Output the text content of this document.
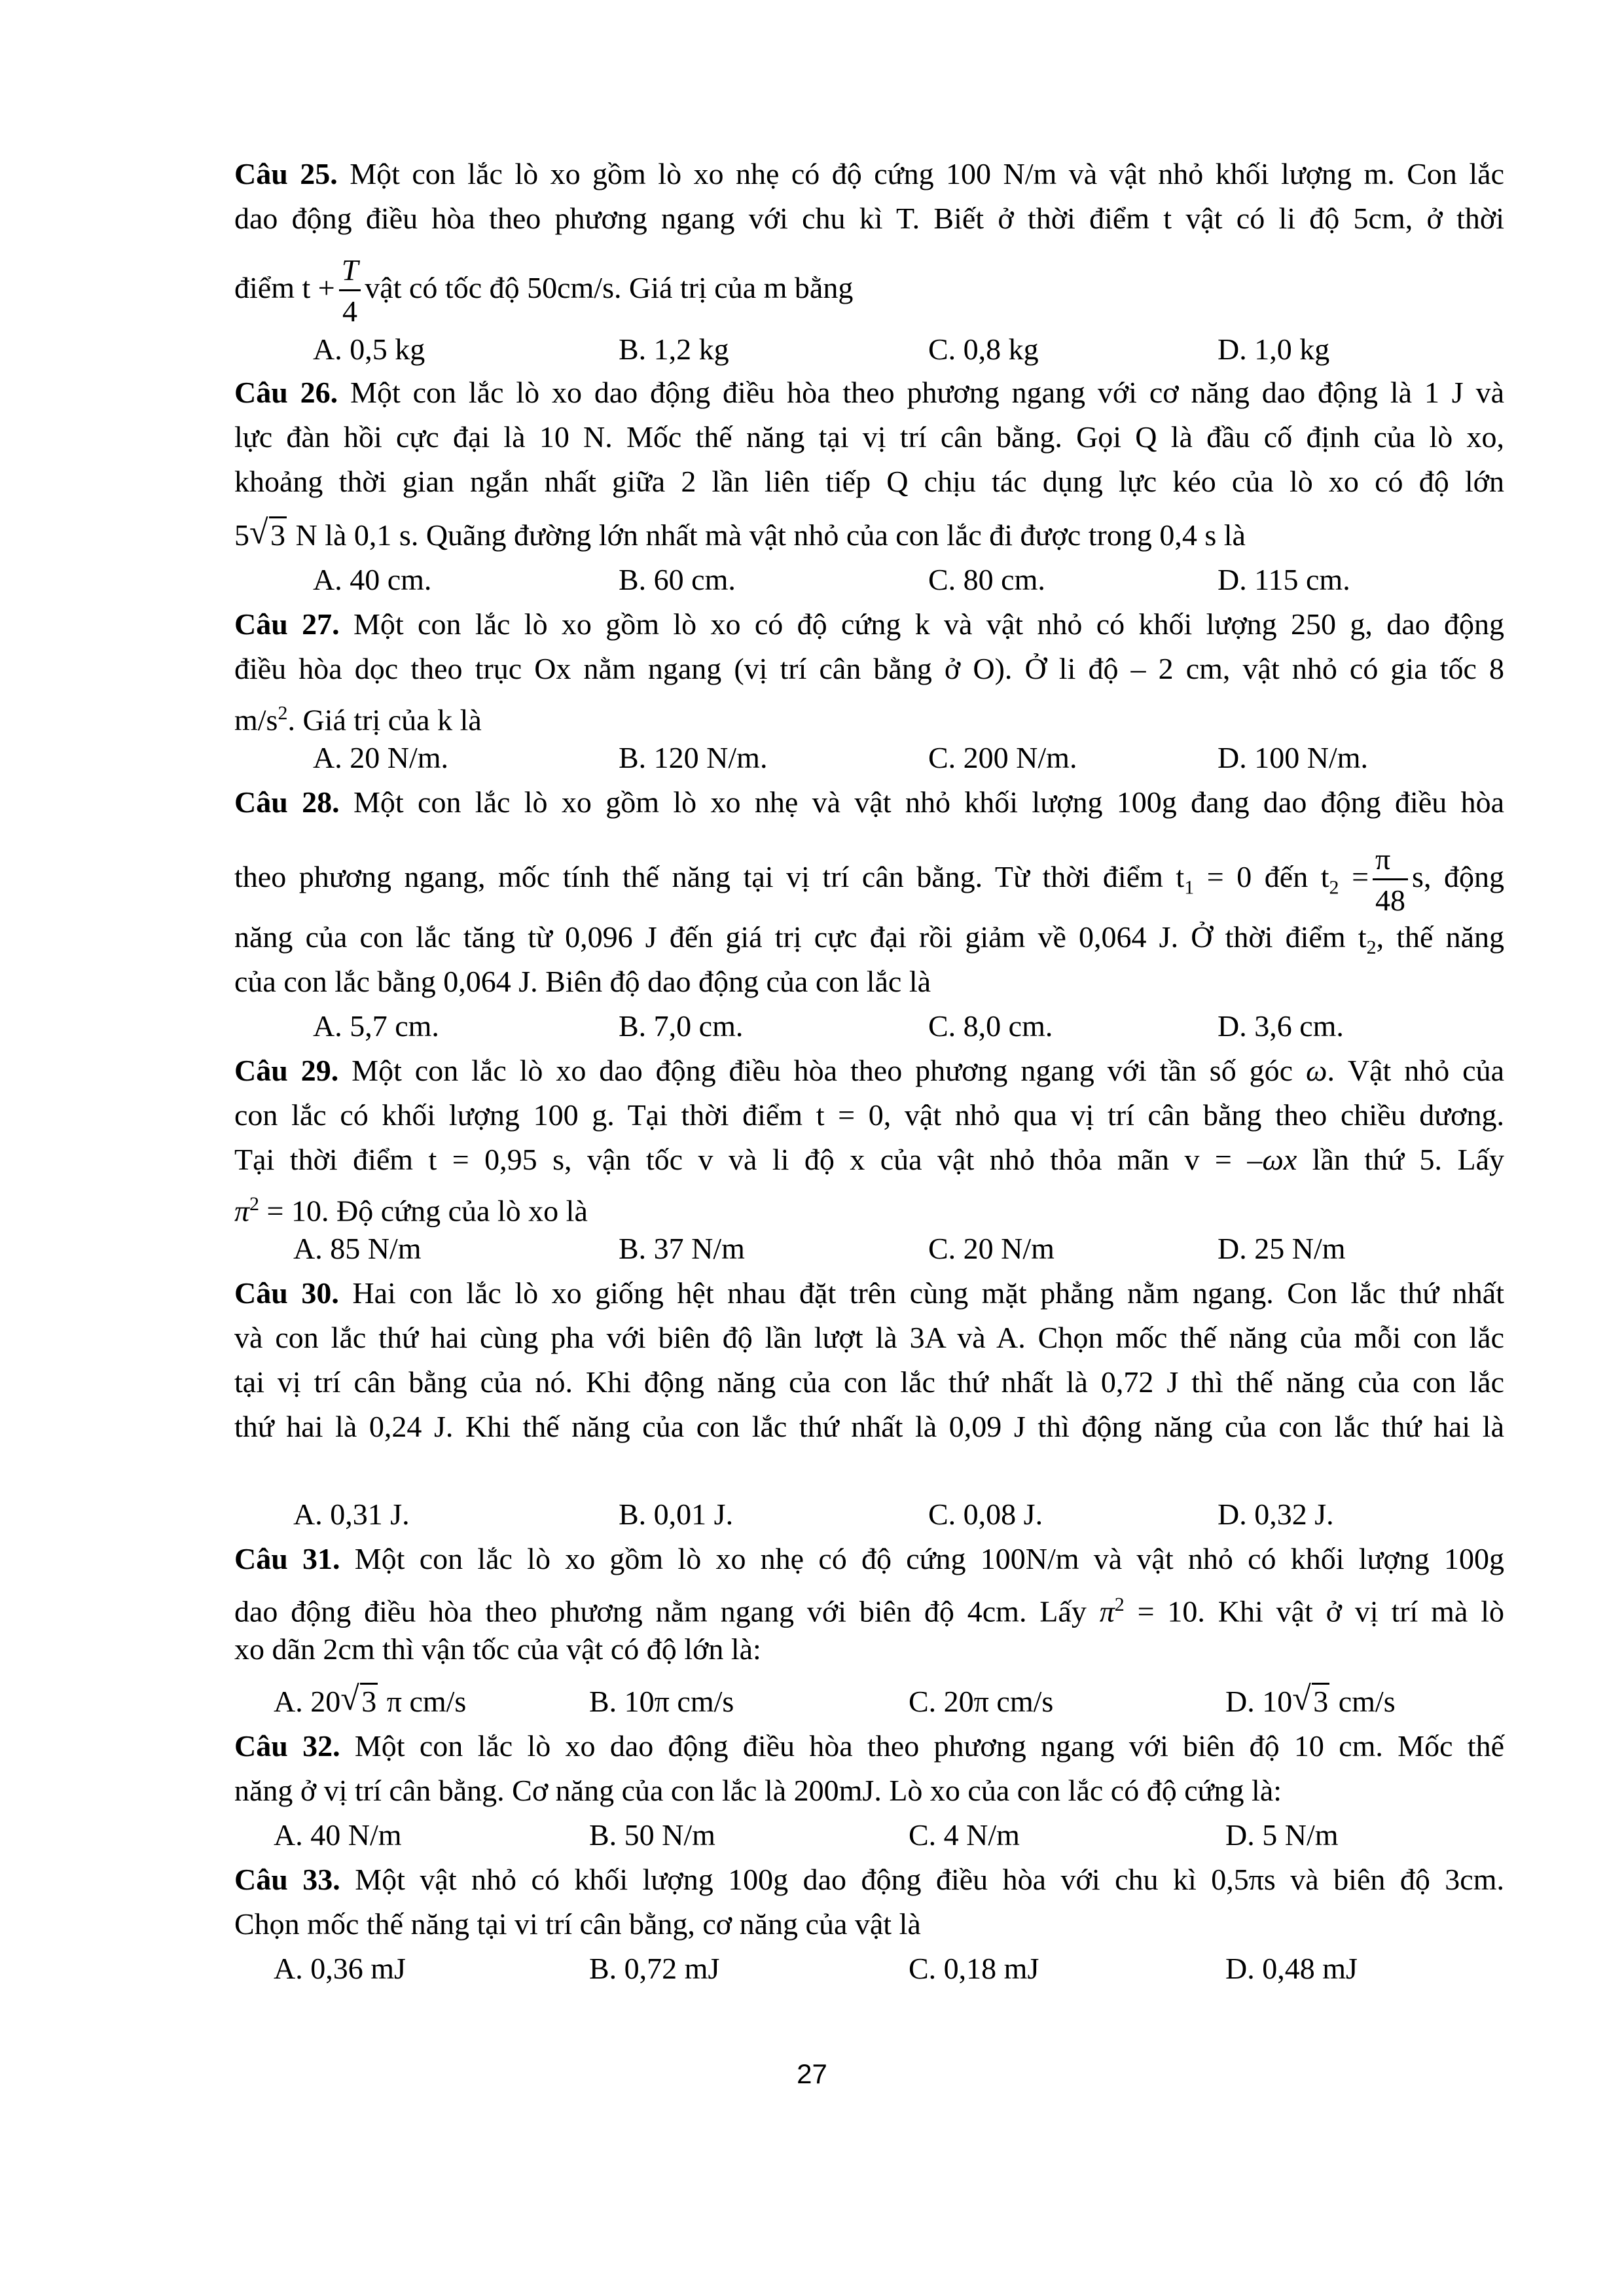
Câu 25. Một con lắc lò xo gồm lò xo nhẹ có độ cứng 100 N/m và vật nhỏ khối lượng m. Con lắc
dao động điều hòa theo phương ngang với chu kì T. Biết ở thời điểm t vật có li độ 5cm, ở thời
điểm $t + \frac{T}{4}$ vật có tốc độ 50cm/s. Giá trị của m bằng
A. 0,5 kg	B. 1,2 kg	C. 0,8 kg	D. 1,0 kg
Câu 26. Một con lắc lò xo dao động điều hòa theo phương ngang với cơ năng dao động là 1 J và
lực đàn hồi cực đại là 10 N. Mốc thế năng tại vị trí cân bằng. Gọi Q là đầu cố định của lò xo,
khoảng thời gian ngắn nhất giữa 2 lần liên tiếp Q chịu tác dụng lực kéo của lò xo có độ lớn
5 √ 3 N là 0,1 s. Quãng đường lớn nhất mà vật nhỏ của con lắc đi được trong 0,4 s là
A. 40 cm.	B. 60 cm.	C. 80 cm.	D. 115 cm.
Câu 27. Một con lắc lò xo gồm lò xo có độ cứng k và vật nhỏ có khối lượng 250 g, dao động
điều hòa dọc theo trục Ox nằm ngang (vị trí cân bằng ở O). Ở li độ – 2 cm, vật nhỏ có gia tốc 8
$m/s^2$. Giá trị của k là
A. 20 N/m.	B. 120 N/m.	C. 200 N/m.	D. 100 N/m.
Câu 28. Một con lắc lò xo gồm lò xo nhẹ và vật nhỏ khối lượng 100g đang dao động điều hòa
theo phương ngang, mốc tính thế năng tại vị trí cân bằng. Từ thời điểm $t_1 = 0$ đến $t_2 = \frac{\pi}{48} s$, động
năng của con lắc tăng từ 0,096 J đến giá trị cực đại rồi giảm về 0,064 J. Ở thời điểm $t_2$, thế năng
của con lắc bằng 0,064 J. Biên độ dao động của con lắc là
A. 5,7 cm.	B. 7,0 cm.	C. 8,0 cm.	D. 3,6 cm.
Câu 29. Một con lắc lò xo dao động điều hòa theo phương ngang với tần số góc ω. Vật nhỏ của
con lắc có khối lượng 100 g. Tại thời điểm t = 0, vật nhỏ qua vị trí cân bằng theo chiều dương.
Tại thời điểm t = 0,95 s, vận tốc v và li độ x của vật nhỏ thỏa mãn v = –ωx lần thứ 5. Lấy
$\pi^2 = 10$. Độ cứng của lò xo là
A. 85 N/m	B. 37 N/m	C. 20 N/m	D. 25 N/m
Câu 30. Hai con lắc lò xo giống hệt nhau đặt trên cùng mặt phẳng nằm ngang. Con lắc thứ nhất
và con lắc thứ hai cùng pha với biên độ lần lượt là 3A và A. Chọn mốc thế năng của mỗi con lắc
tại vị trí cân bằng của nó. Khi động năng của con lắc thứ nhất là 0,72 J thì thế năng của con lắc
thứ hai là 0,24 J. Khi thế năng của con lắc thứ nhất là 0,09 J thì động năng của con lắc thứ hai là
A. 0,31 J.	B. 0,01 J.	C. 0,08 J.	D. 0,32 J.
Câu 31. Một con lắc lò xo gồm lò xo nhẹ có độ cứng 100N/m và vật nhỏ có khối lượng 100g
dao động điều hòa theo phương nằm ngang với biên độ 4cm. Lấy $\pi^2 = 10$. Khi vật ở vị trí mà lò
xo dãn 2cm thì vận tốc của vật có độ lớn là:
A. 20 √ 3 π cm/s	B. 10π cm/s	C. 20π cm/s	D. 10 √ 3 cm/s
Câu 32. Một con lắc lò xo dao động điều hòa theo phương ngang với biên độ 10 cm. Mốc thế
năng ở vị trí cân bằng. Cơ năng của con lắc là 200mJ. Lò xo của con lắc có độ cứng là:
A. 40 N/m	B. 50 N/m	C. 4 N/m	D. 5 N/m
Câu 33. Một vật nhỏ có khối lượng 100g dao động điều hòa với chu kì 0,5πs và biên độ 3cm.
Chọn mốc thế năng tại vi trí cân bằng, cơ năng của vật là
A. 0,36 mJ	B. 0,72 mJ	C. 0,18 mJ	D. 0,48 mJ
27
